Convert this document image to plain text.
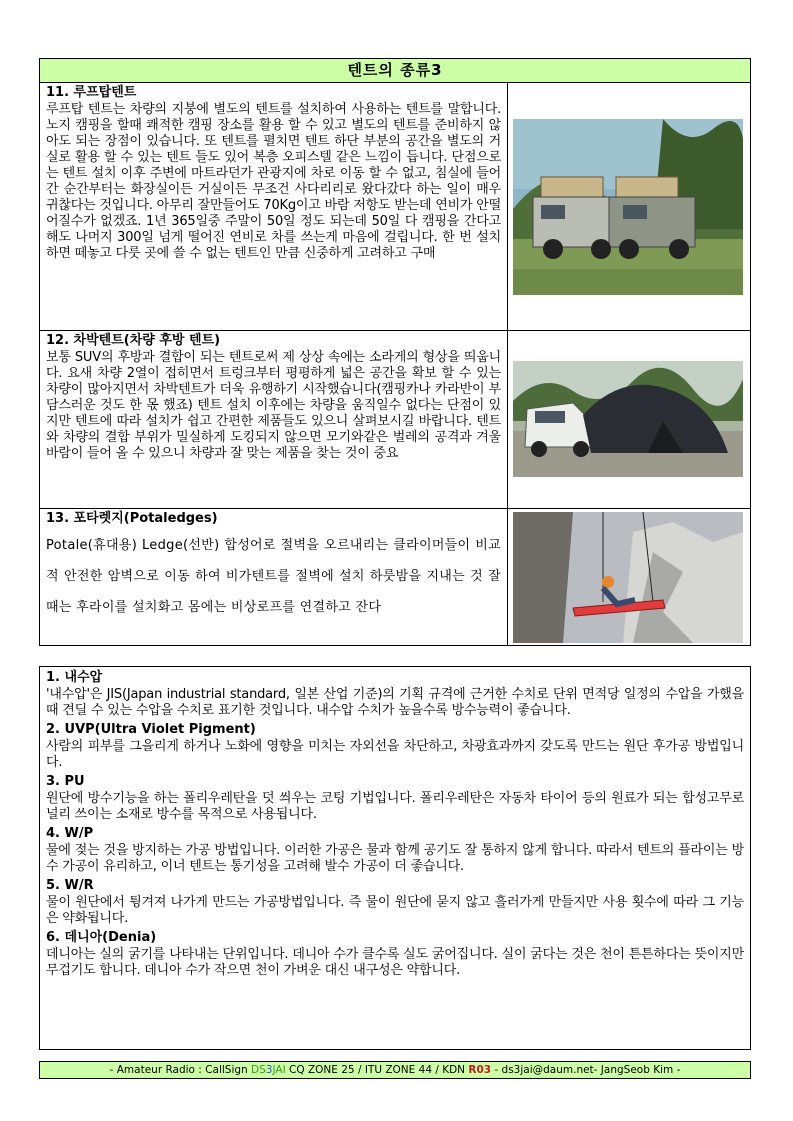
텐트의 종류3
11. 루프탑텐트
루프탑 텐트는 차량의 지붕에 별도의 텐트를 설치하여 사용하는 텐트를 말합니다. 노지 캠핑을 할때 쾌적한 캠핑 장소를 활용 할 수 있고 별도의 텐트를 준비하지 않아도 되는 장점이 있습니다. 또 텐트를 펼치면 텐트 하단 부분의 공간을 별도의 거실로 활용 할 수 있는 텐트 들도 있어 복층 오피스텔 같은 느낌이 듭니다. 단점으로는 텐트 설치 이후 주변에 마트라던가 관광지에 차로 이동 할 수 없고, 침실에 들어간 순간부터는 화장실이든 거실이든 무조건 사다리리로 왔다갔다 하는 일이 매우 귀찮다는 것입니다. 아무리 잘만들어도 70Kg이고 바람 저항도 받는데 연비가 안떨어질수가 없겠죠. 1년 365일중 주말이 50일 정도 되는데 50일 다 캠핑을 간다고 해도 나머지 300일 넘게 떨어진 연비로 차를 쓰는게 마음에 걸립니다. 한 번 설치하면 떼놓고 다룻 곳에 쓸 수 없는 텐트인 만큼 신중하게 고려하고 구매
12. 차박텐트(차량 후방 텐트)
보통 SUV의 후방과 결합이 되는 텐트로써 제 상상 속에는 소라게의 형상을 띄웁니다. 요새 차량 2열이 접히면서 트렁크부터 평평하게 넓은 공간을 확보 할 수 있는 차량이 많아지면서 차박텐트가 더욱 유행하기 시작했습니다(캠핑카나 카라반이 부담스러운 것도 한 몫 했죠) 텐트 설치 이후에는 차량을 움직일수 없다는 단점이 있지만 텐트에 따라 설치가 쉽고 간편한 제품들도 있으니 살펴보시길 바랍니다. 텐트와 차량의 결합 부위가 밀실하게 도킹되지 않으면 모기와같은 벌레의 공격과 겨울 바람이 들어 올 수 있으니 차량과 잘 맞는 제품을 찾는 것이 중요
13. 포타렛지(Potaledges)
Potale(휴대용) Ledge(선반) 합성어로 절벽을 오르내리는 클라이머들이 비교적 안전한 암벽으로 이동 하여 비가텐트를 절벽에 설치 하룻밤을 지내는 것 잘때는 후라이를 설치화고 몸에는 비상로프를 연결하고 잔다
1. 내수압
'내수압'은 JIS(Japan industrial standard, 일본 산업 기준)의 기획 규격에 근거한 수치로 단위 면적당 일정의 수압을 가했을때 견딜 수 있는 수압을 수치로 표기한 것입니다. 내수압 수치가 높을수록 방수능력이 좋습니다.
2. UVP(Ultra Violet Pigment)
사람의 피부를 그을리게 하거나 노화에 영향을 미치는 자외선을 차단하고, 차광효과까지 갖도록 만드는 원단 후가공 방법입니다.
3. PU
원단에 방수기능을 하는 폴리우레탄을 덧 씌우는 코팅 기법입니다. 폴리우레탄은 자동차 타이어 등의 원료가 되는 합성고무로 널리 쓰이는 소재로 방수를 목적으로 사용됩니다.
4. W/P
물에 젖는 것을 방지하는 가공 방법입니다. 이러한 가공은 물과 함께 공기도 잘 통하지 않게 합니다. 따라서 텐트의 플라이는 방수 가공이 유리하고, 이너 텐트는 통기성을 고려해 발수 가공이 더 좋습니다.
5. W/R
물이 원단에서 튕겨져 나가게 만드는 가공방법입니다. 즉 물이 원단에 묻지 않고 흘러가게 만들지만 사용 횟수에 따라 그 기능은 약화됩니다.
6. 데니아(Denia)
데니아는 실의 굵기를 나타내는 단위입니다. 데니아 수가 클수록 실도 굵어집니다. 실이 굵다는 것은 천이 튼튼하다는 뜻이지만 무겁기도 합니다. 데니아 수가 작으면 천이 가벼운 대신 내구성은 약합니다.
- Amateur Radio : CallSign DS3JAI CQ ZONE 25 / ITU ZONE 44 / KDN R03 - ds3jai@daum.net- JangSeob Kim -
